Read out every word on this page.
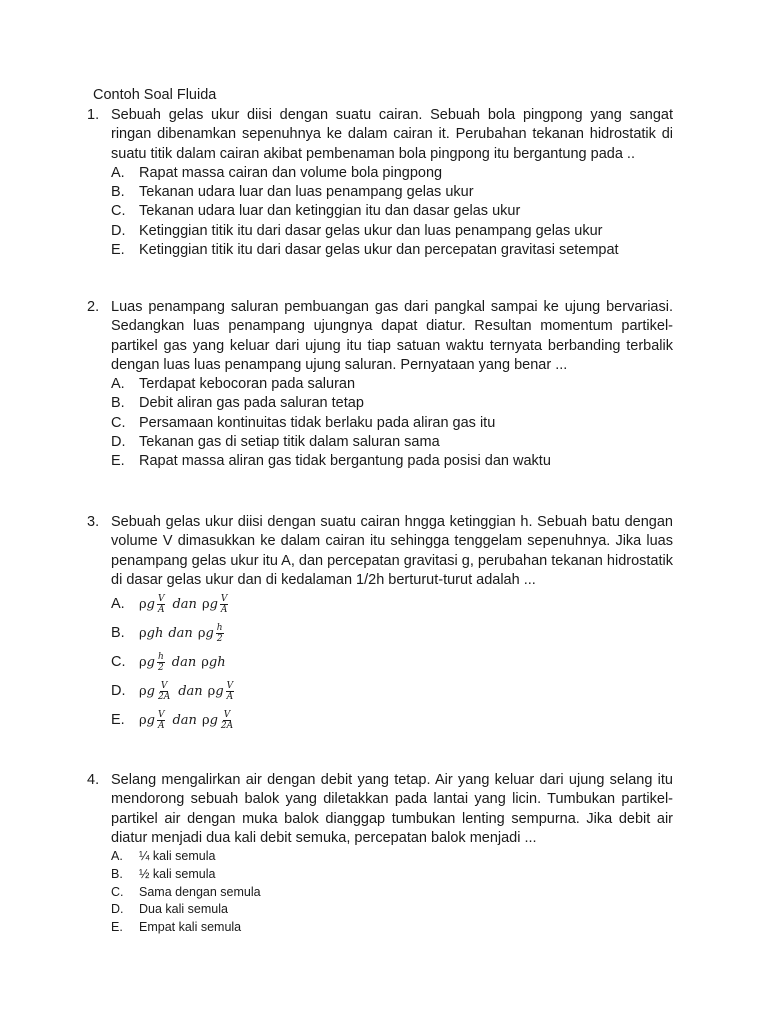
Contoh Soal Fluida
1. Sebuah gelas ukur diisi dengan suatu cairan. Sebuah bola pingpong yang sangat ringan dibenamkan sepenuhnya ke dalam cairan it. Perubahan tekanan hidrostatik di suatu titik dalam cairan akibat pembenaman bola pingpong itu bergantung pada ..
A. Rapat massa cairan dan volume bola pingpong
B. Tekanan udara luar dan luas penampang gelas ukur
C. Tekanan udara luar dan ketinggian itu dan dasar gelas ukur
D. Ketinggian titik itu dari dasar gelas ukur dan luas penampang gelas ukur
E. Ketinggian titik itu dari dasar gelas ukur dan percepatan gravitasi setempat
2. Luas penampang saluran pembuangan gas dari pangkal sampai ke ujung bervariasi. Sedangkan luas penampang ujungnya dapat diatur. Resultan momentum partikel-partikel gas yang keluar dari ujung itu tiap satuan waktu ternyata berbanding terbalik dengan luas luas penampang ujung saluran. Pernyataan yang benar ...
A. Terdapat kebocoran pada saluran
B. Debit aliran gas pada saluran tetap
C. Persamaan kontinuitas tidak berlaku pada aliran gas itu
D. Tekanan gas di setiap titik dalam saluran sama
E. Rapat massa aliran gas tidak bergantung pada posisi dan waktu
3. Sebuah gelas ukur diisi dengan suatu cairan hngga ketinggian h. Sebuah batu dengan volume V dimasukkan ke dalam cairan itu sehingga tenggelam sepenuhnya. Jika luas penampang gelas ukur itu A, dan percepatan gravitasi g, perubahan tekanan hidrostatik di dasar gelas ukur dan di kedalaman 1/2h berturut-turut adalah ...
A.	ρ g $\frac{V}{A}$ dan ρ g $\frac{V}{A}$
B.	ρ g h dan ρ g $\frac{h}{2}$
C.	ρ g $\frac{h}{2}$ dan ρ g h
D.	ρ g $\frac{V}{2A}$ dan ρ g $\frac{V}{A}$
E.	ρ g $\frac{V}{A}$ dan ρ g $\frac{V}{2A}$
4. Selang mengalirkan air dengan debit yang tetap. Air yang keluar dari ujung selang itu mendorong sebuah balok yang diletakkan pada lantai yang licin. Tumbukan partikel-partikel air dengan muka balok dianggap tumbukan lenting sempurna. Jika debit air diatur menjadi dua kali debit semuka, percepatan balok menjadi ...
A.	¼ kali semula
B.	½ kali semula
C.	Sama dengan semula
D.	Dua kali semula
E.	Empat kali semula
